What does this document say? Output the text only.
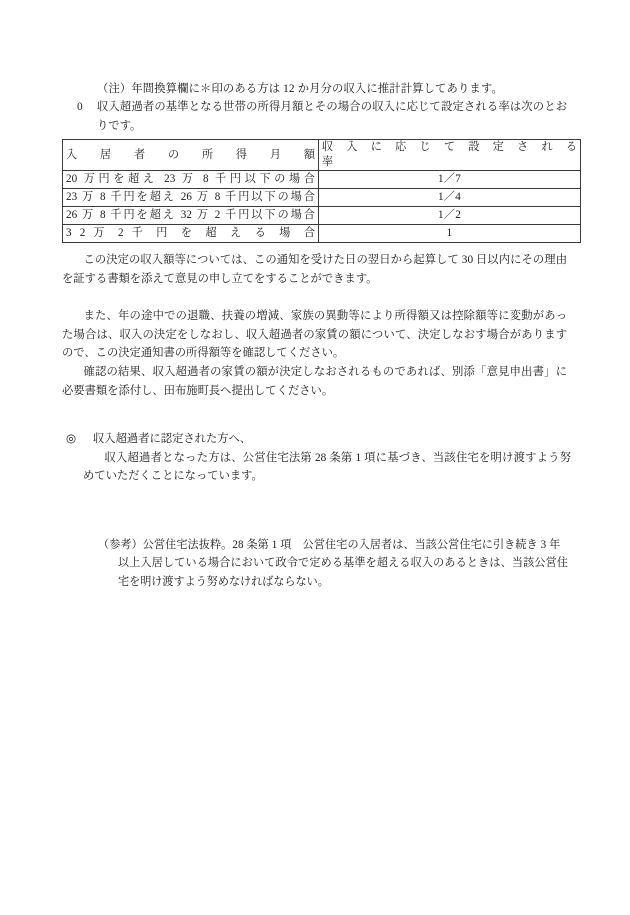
（注）年間換算欄に＊印のある方は 12 か月分の収入に推計計算してあります。
0 収入超過者の基準となる世帯の所得月額とその場合の収入に応じて設定される率は次のとおりです。

入　居　者　の　所　得　月　額	収　入　に　応　じ　て　設　定　さ　れ　る　率
20 万円を超え 23 万 8 千円以下の場合	1／7
23 万 8 千円を超え 26 万 8 千円以下の場合	1／4
26 万 8 千円を超え 32 万 2 千円以下の場合	1／2
3 2 万 2 千 円 を 超 え る 場 合	1

この決定の収入額等については、この通知を受けた日の翌日から起算して 30 日以内にその理由を証する書類を添えて意見の申し立てをすることができます。

また、年の途中での退職、扶養の増減、家族の異動等により所得額又は控除額等に変動があった場合は、収入の決定をしなおし、収入超過者の家賃の額について、決定しなおす場合がありますので、この決定通知書の所得額等を確認してください。

確認の結果、収入超過者の家賃の額が決定しなおされるものであれば、別添「意見申出書」に必要書類を添付し、田布施町長へ提出してください。

◎ 収入超過者に認定された方へ、

収入超過者となった方は、公営住宅法第 28 条第 1 項に基づき、当該住宅を明け渡すよう努めていただくことになっています。

（参考）公営住宅法抜粋。28 条第 1 項　公営住宅の入居者は、当該公営住宅に引き続き 3 年

以上入居している場合において政令で定める基準を超える収入のあるときは、当該公営住宅を明け渡すよう努めなければならない。
